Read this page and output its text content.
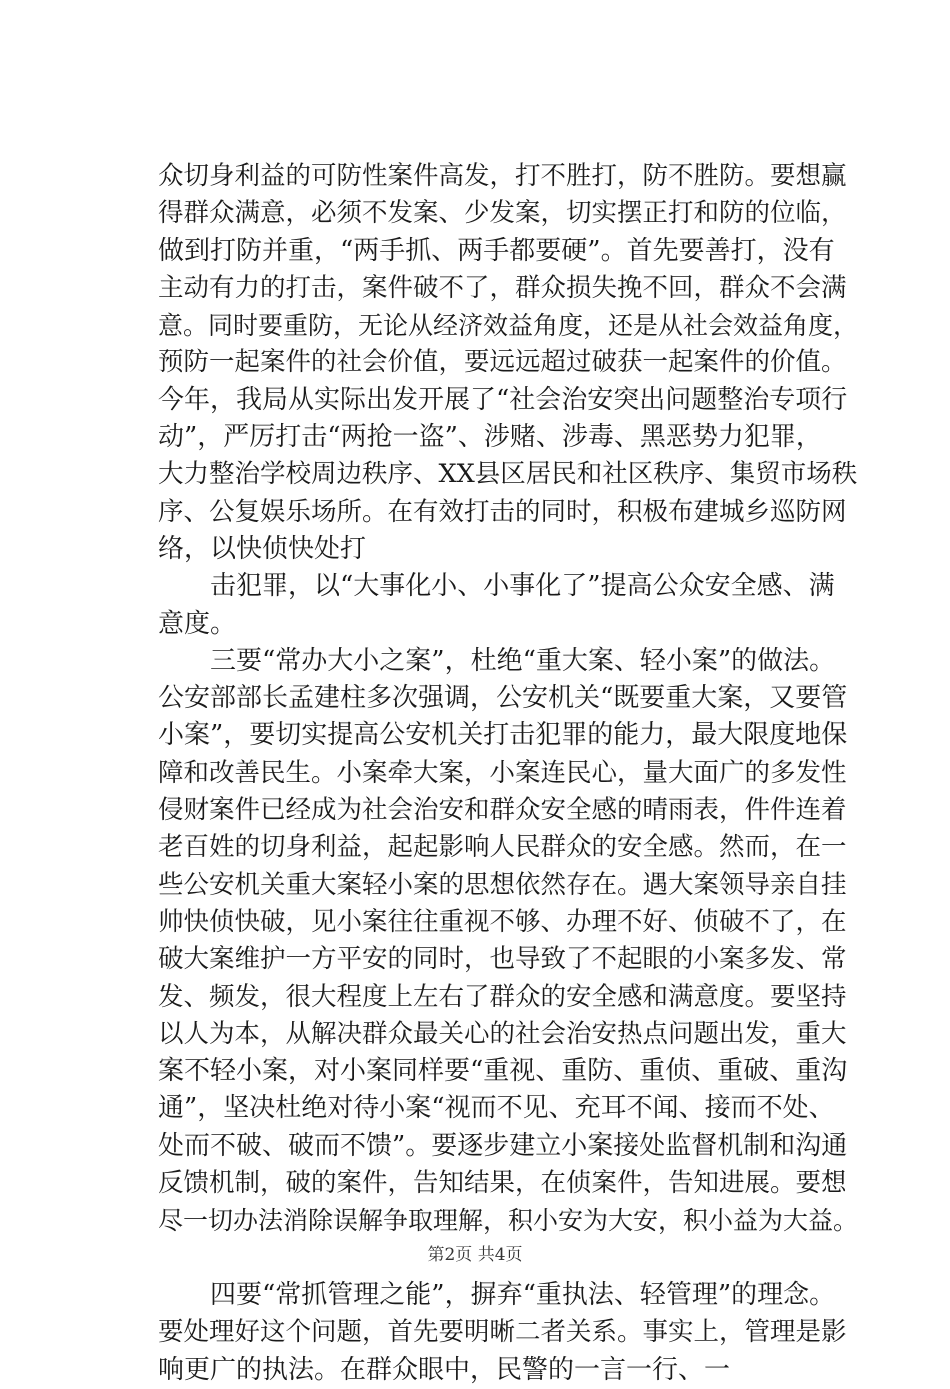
众切身利益的可防性案件高发，打不胜打，防不胜防。要想赢
得群众满意，必须不发案、少发案，切实摆正打和防的位临，
做到打防并重，“两手抓、两手都要硬”。首先要善打，没有
主动有力的打击，案件破不了，群众损失挽不回，群众不会满
意。同时要重防，无论从经济效益角度，还是从社会效益角度，
预防一起案件的社会价值，要远远超过破获一起案件的价值。
今年，我局从实际出发开展了“社会治安突出问题整治专项行
动”，严厉打击“两抢一盗”、涉赌、涉毒、黑恶势力犯罪，
大力整治学校周边秩序、XX县区居民和社区秩序、集贸市场秩
序、公复娱乐场所。在有效打击的同时，积极布建城乡巡防网
络，以快侦快处打
　　击犯罪，以“大事化小、小事化了”提高公众安全感、满
意度。
　　三要“常办大小之案”，杜绝“重大案、轻小案”的做法。
公安部部长孟建柱多次强调，公安机关“既要重大案，又要管
小案”，要切实提高公安机关打击犯罪的能力，最大限度地保
障和改善民生。小案牵大案，小案连民心，量大面广的多发性
侵财案件已经成为社会治安和群众安全感的晴雨表，件件连着
老百姓的切身利益，起起影响人民群众的安全感。然而，在一
些公安机关重大案轻小案的思想依然存在。遇大案领导亲自挂
帅快侦快破，见小案往往重视不够、办理不好、侦破不了，在
破大案维护一方平安的同时，也导致了不起眼的小案多发、常
发、频发，很大程度上左右了群众的安全感和满意度。要坚持
以人为本，从解决群众最关心的社会治安热点问题出发，重大
案不轻小案，对小案同样要“重视、重防、重侦、重破、重沟
通”，坚决杜绝对待小案“视而不见、充耳不闻、接而不处、
处而不破、破而不馈”。要逐步建立小案接处监督机制和沟通
反馈机制，破的案件，告知结果，在侦案件，告知进展。要想
尽一切办法消除误解争取理解，积小安为大安，积小益为大益。
　　四要“常抓管理之能”，摒弃“重执法、轻管理”的理念。
要处理好这个问题，首先要明晰二者关系。事实上，管理是影
响更广的执法。在群众眼中，民警的一言一行、一
第2页 共4页
